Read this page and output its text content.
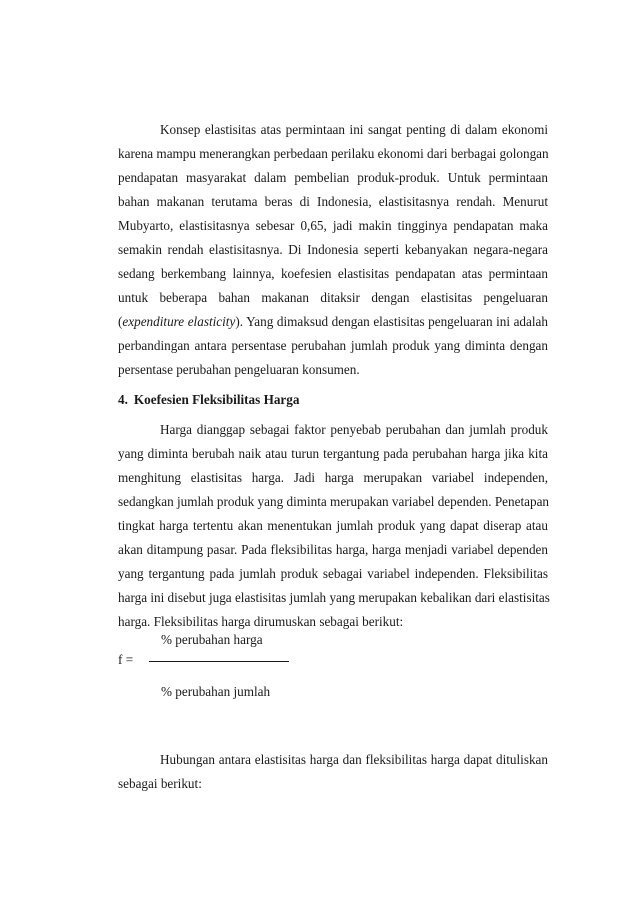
Konsep elastisitas atas permintaan ini sangat penting di dalam ekonomi
karena mampu menerangkan perbedaan perilaku ekonomi dari berbagai golongan
pendapatan masyarakat dalam pembelian produk-produk. Untuk permintaan
bahan makanan terutama beras di Indonesia, elastisitasnya rendah. Menurut
Mubyarto, elastisitasnya sebesar 0,65, jadi makin tingginya pendapatan maka
semakin rendah elastisitasnya. Di Indonesia seperti kebanyakan negara-negara
sedang berkembang lainnya, koefesien elastisitas pendapatan atas permintaan
untuk beberapa bahan makanan ditaksir dengan elastisitas pengeluaran
(expenditure elasticity). Yang dimaksud dengan elastisitas pengeluaran ini adalah
perbandingan antara persentase perubahan jumlah produk yang diminta dengan
persentase perubahan pengeluaran konsumen.
4. Koefesien Fleksibilitas Harga
Harga dianggap sebagai faktor penyebab perubahan dan jumlah produk
yang diminta berubah naik atau turun tergantung pada perubahan harga jika kita
menghitung elastisitas harga. Jadi harga merupakan variabel independen,
sedangkan jumlah produk yang diminta merupakan variabel dependen. Penetapan
tingkat harga tertentu akan menentukan jumlah produk yang dapat diserap atau
akan ditampung pasar. Pada fleksibilitas harga, harga menjadi variabel dependen
yang tergantung pada jumlah produk sebagai variabel independen. Fleksibilitas
harga ini disebut juga elastisitas jumlah yang merupakan kebalikan dari elastisitas
harga. Fleksibilitas harga dirumuskan sebagai berikut:
% perubahan harga
f =
% perubahan jumlah
Hubungan antara elastisitas harga dan fleksibilitas harga dapat dituliskan
sebagai berikut:
